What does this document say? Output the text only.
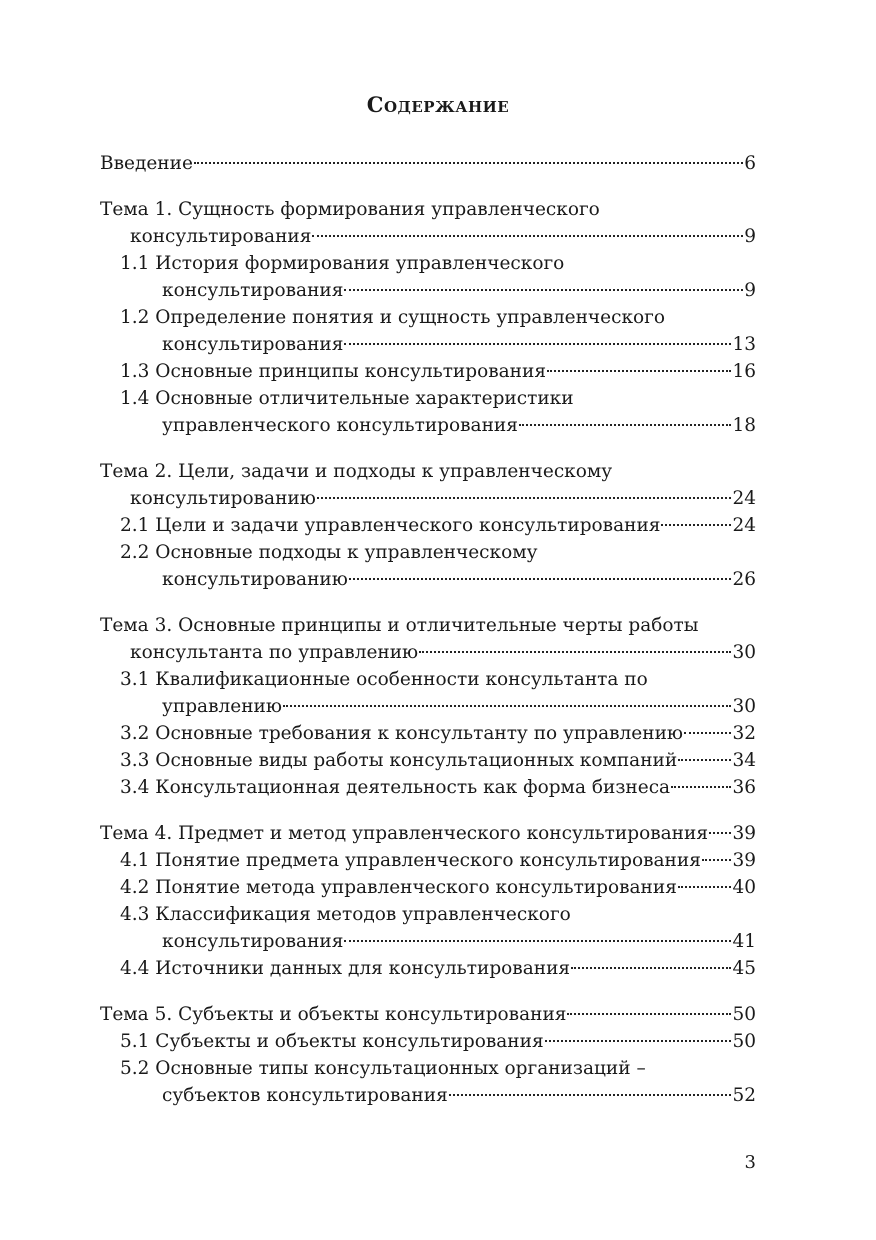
Содержание
Введение	6
Тема 1. Сущность формирования управленческого
консультирования	9
1.1 История формирования управленческого
консультирования	9
1.2 Определение понятия и сущность управленческого
консультирования	13
1.3 Основные принципы консультирования	16
1.4 Основные отличительные характеристики
управленческого консультирования	18
Тема 2. Цели, задачи и подходы к управленческому
консультированию	24
2.1 Цели и задачи управленческого консультирования	24
2.2 Основные подходы к управленческому
консультированию	26
Тема 3. Основные принципы и отличительные черты работы
консультанта по управлению	30
3.1 Квалификационные особенности консультанта по
управлению	30
3.2 Основные требования к консультанту по управлению	32
3.3 Основные виды работы консультационных компаний	34
3.4 Консультационная деятельность как форма бизнеса	36
Тема 4. Предмет и метод управленческого консультирования 39
4.1 Понятие предмета управленческого консультирования 39
4.2 Понятие метода управленческого консультирования	40
4.3 Классификация методов управленческого
консультирования	41
4.4 Источники данных для консультирования	45
Тема 5. Субъекты и объекты консультирования	50
5.1 Субъекты и объекты консультирования	50
5.2 Основные типы консультационных организаций –
субъектов консультирования	52
3
